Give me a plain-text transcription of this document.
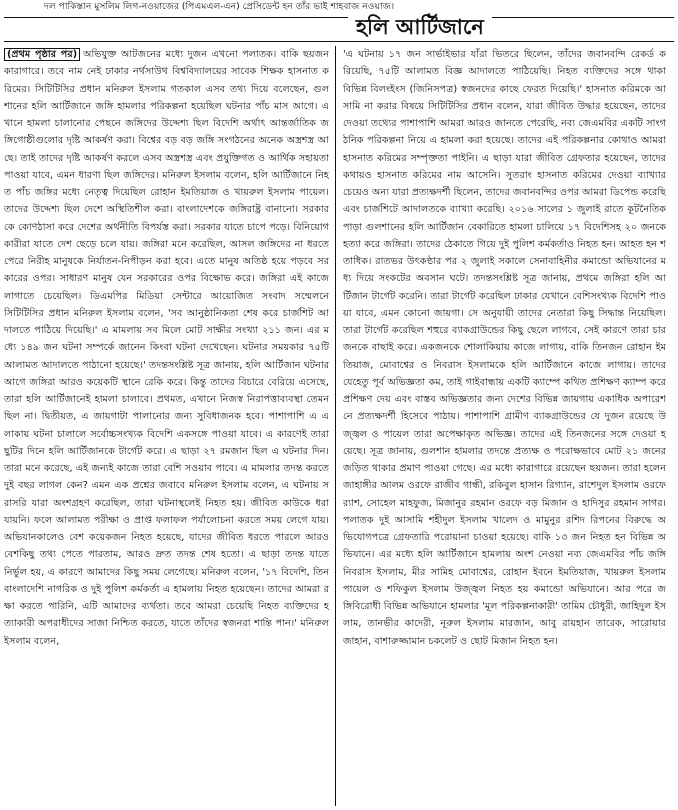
দল পাকিস্তান মুসলিম লিগ-নওয়াজের (পিএমএল-এন) প্রেসিডেন্ট হন তাঁর ভাই শাহবাজ নওয়াজ।
হলি আর্টিজানে

(প্রথম পৃষ্ঠার পর) অভিযুক্ত আটজনের মধ্যে দুজন এখনো পলাতক। বাকি ছয়জন কারাগারে। তবে নাম নেই ঢাকার নর্থসাউথ বিশ্ববিদ্যালয়ের সাবেক শিক্ষক হাসনাত করিমের। সিটিটিসির প্রধান মনিরুল ইসলাম গতকাল এসব তথ্য দিয়ে বলেছেন, গুলশানের হলি আর্টিজানে জঙ্গি হামলার পরিকল্পনা হয়েছিল ঘটনার পাঁচ মাস আগে। এখানে হামলা চালানোর পেছনে জঙ্গিদের উদ্দেশ্য ছিল বিদেশি অর্থাৎ আন্তর্জাতিক জঙ্গিগোষ্ঠীগুলোর দৃষ্টি আকর্ষণ করা। বিশ্বের বড় বড় জঙ্গি সংগঠনের অনেক অস্ত্রশস্ত্র আছে। তাই তাদের দৃষ্টি আকর্ষণ করলে এসব অস্ত্রশস্ত্র এবং প্রযুক্তিগত ও আর্থিক সহায়তা পাওয়া যাবে, এমন ধারণা ছিল জঙ্গিদের। মনিরুল ইসলাম বলেন, হলি আর্টিজানে নিহত পাঁচ জঙ্গির মধ্যে নেতৃত্ব দিয়েছিল রোহান ইমতিয়াজ ও খায়রুল ইসলাম পায়েল। তাদের উদ্দেশ্য ছিল দেশে অস্থিতিশীল করা। বাংলাদেশকে জঙ্গিরাষ্ট্র বানানো। সরকারকে কোণঠাসা করে দেশের অর্থনীতি বিপর্যস্ত করা। সরকার যাতে চাপে পড়ে। বিনিয়োগকারীরা যাতে দেশ ছেড়ে চলে যায়। জঙ্গিরা মনে করেছিল, আসল জঙ্গিদের না ধরতে পেরে নিরীহ মানুষকে নির্যাতন-নিপীড়ন করা হবে। এতে মানুষ অতিষ্ঠ হয়ে পড়বে সরকারের ওপর। সাধারণ মানুষ যেন সরকারের ওপর বিক্ষোভ করে। জঙ্গিরা এই কাজে লাগাতে চেয়েছিল। ডিএমপির মিডিয়া সেন্টারে আয়োজিত সংবাদ সম্মেলনে সিটিটিসির প্রধান মনিরুল ইসলাম বলেন, 'সব আনুষ্ঠানিকতা শেষ করে চার্জশিট আদালতে পাঠিয়ে দিয়েছি।' এ মামলায় সব মিলে মোট সাক্ষীর সংখ্যা ২১১ জন। এর মধ্যে ১৪৯ জন ঘটনা সম্পর্কে জানেন কিংবা ঘটনা দেখেছেন। ঘটনার সময়কার ৭৫টি আলামত আদালতে পাঠানো হয়েছে।' তদন্তসংশ্লিষ্ট সূত্র জানায়, হলি আর্টিজান ঘটনার আগে জঙ্গিরা আরও কয়েকটি স্থানে রেকি করে। কিন্তু তাদের বিচারে বেরিয়ে এসেছে, তারা হলি আর্টিজানেই হামলা চালাবে। প্রথমত, এখানে নিজস্ব নিরাপত্তাব্যবস্থা তেমন ছিল না। দ্বিতীয়ত, এ জায়গাটা পালানোর জন্য সুবিধাজনক হবে। পাশাপাশি এ এলাকায় ঘটনা চালালে সর্বোচ্চসংখ্যক বিদেশি একসঙ্গে পাওয়া যাবে। এ কারণেই তারা ছুটির দিনে হলি আর্টিজানকে টার্গেট করে। এ ছাড়া ২৭ রমজান ছিল এ ঘটনার দিন। তারা মনে করেছে, এই জন্যই কাজে তারা বেশি সওয়াব পাবে। এ মামলার তদন্ত করতে দুই বছর লাগল কেন? এমন এক প্রশ্নের জবাবে মনিরুল ইসলাম বলেন, এ ঘটনায় সরাসরি যারা অংশগ্রহণ করেছিল, তারা ঘটনাস্থলেই নিহত হয়। জীবিত কাউকে ধরা যায়নি। ফলে আলামত পরীক্ষা ও প্রাপ্ত ফলাফল পর্যালোচনা করতে সময় লেগে যায়। অভিযানকালেও বেশ কয়েকজন নিহত হয়েছে, যাদের জীবিত ধরতে পারলে আরও বেশকিছু তথ্য পেতে পারতাম, আরও দ্রুত তদন্ত শেষ হতো। এ ছাড়া তদন্ত যাতে নির্ভুল হয়, এ কারণে আমাদের কিছু সময় লেগেছে। মনিরুল বলেন, '১৭ বিদেশি, তিন বাংলাদেশি নাগরিক ও দুই পুলিশ কর্মকর্তা এ হামলায় নিহত হয়েছেন। তাদের আমরা রক্ষা করতে পারিনি, এটি আমাদের ব্যর্থতা। তবে আমরা চেয়েছি নিহত ব্যক্তিদের হত্যাকারী অপরাধীদের সাজা নিশ্চিত করতে, যাতে তাঁদের স্বজনরা শান্তি পান।' মনিরুল ইসলাম বলেন,

'এ ঘটনায় ১৭ জন সার্ভাইভার যাঁরা ভিতরে ছিলেন, তাঁদের জবানবন্দি রেকর্ড করিয়েছি, ৭৫টি আলামত বিজ্ঞ আদালতে পাঠিয়েছি। নিহত ব্যক্তিদের সঙ্গে থাকা বিভিন্ন বিলংইংস (জিনিসপত্র) স্বজনদের কাছে ফেরত দিয়েছি।' হাসনাত করিমকে আসামি না করার বিষয়ে সিটিটিসির প্রধান বলেন, যারা জীবিত উদ্ধার হয়েছেন, তাদের দেওয়া তথ্যের পাশাপাশি আমরা আরও জানতে পেরেছি, নব্য জেএমবির একটি সাংগঠনিক পরিকল্পনা নিয়ে এ হামলা করা হয়েছে। তাদের এই পরিকল্পনার কোথাও আমরা হাসনাত করিমের সম্পৃক্ততা পাইনি। এ ছাড়া যারা জীবিত গ্রেফতার হয়েছেন, তাদের কথায়ও হাসনাত করিমের নাম আসেনি। সুতরাং হাসনাত করিমের দেওয়া ব্যাখ্যার চেয়েও অন্য যারা প্রত্যক্ষদর্শী ছিলেন, তাদের জবানবন্দির ওপর আমরা ডিপেন্ড করেছি এবং চার্জশিটে আদালতকে ব্যাখ্যা করেছি। ২০১৬ সালের ১ জুলাই রাতে কূটনৈতিকপাড়া গুলশানের হলি আর্টিজান বেকারিতে হামলা চালিয়ে ১৭ বিদেশিসহ ২০ জনকে হত্যা করে জঙ্গিরা। তাদের ঠেকাতে গিয়ে দুই পুলিশ কর্মকর্তাও নিহত হন। আহত হন শতাধিক। রাতভর উৎকণ্ঠার পর ২ জুলাই সকালে সেনাবাহিনীর কমান্ডো অভিযানের মধ্য দিয়ে সংকটের অবসান ঘটে। তদন্তসংশ্লিষ্ট সূত্র জানায়, প্রথমে জঙ্গিরা হলি আর্টিজান টার্গেট করেনি। তারা টার্গেট করেছিল ঢাকার যেখানে বেশিসংখ্যক বিদেশি পাওয়া যাবে, এমন কোনো জায়গা। সে অনুযায়ী তাদের নেতারা কিছু সিদ্ধান্ত নিয়েছিল। তারা টার্গেট করেছিল শহুরে ব্যাকগ্রাউন্ডের কিছু ছেলে লাগবে, সেই কারণে তারা চারজনকে বাছাই করে। একজনকে শোলাকিয়ায় কাজে লাগায়, বাকি তিনজন রোহান ইমতিয়াজ, মোবাশ্বের ও নিবরাস ইসলামকে হলি আর্টিজানে কাজে লাগায়। তাদের যেহেতু পূর্ব অভিজ্ঞতা কম, তাই গাইবান্ধায় একটি ক্যাম্পে কথিত প্রশিক্ষণ ক্যাম্প করে প্রশিক্ষণ দেয় এবং বাস্তব অভিজ্ঞতার জন্য দেশের বিভিন্ন জায়গায় একাধিক অপারেশনে প্রত্যক্ষদর্শী হিসেবে পাঠায়। পাশাপাশি গ্রামীণ ব্যাকগ্রাউন্ডের যে দুজন রয়েছে উজ্জ্বল ও পায়েল তারা অপেক্ষাকৃত অভিজ্ঞ। তাদের এই তিনজনের সঙ্গে দেওয়া হয়েছে। সূত্র জানায়, গুলশান হামলার তদন্তে প্রত্যক্ষ ও পরোক্ষভাবে মোট ২১ জনের জড়িত থাকার প্রমাণ পাওয়া গেছে। এর মধ্যে কারাগারে রয়েছেন ছয়জন। তারা হলেন জাহাঙ্গীর আলম ওরফে রাজীব গান্ধী, রকিবুল হাসান রিগ্যান, রাশেদুল ইসলাম ওরফে র‌্যাশ, সোহেল মাহফুজ, মিজানুর রহমান ওরফে বড় মিজান ও হাদিসুর রহমান সাগর। পলাতক দুই আসামি শহীদুল ইসলাম খালেদ ও মামুনুর রশিদ রিপনের বিরুদ্ধে অভিযোগপত্রে গ্রেফতারি পরোয়ানা চাওয়া হয়েছে। বাকি ১৩ জন নিহত হন বিভিন্ন অভিযানে। এর মধ্যে হলি আর্টিজানে হামলায় অংশ নেওয়া নব্য জেএমবির পাঁচ জঙ্গি নিবরাস ইসলাম, মীর সামিহ মোবাশ্বের, রোহান ইবনে ইমতিয়াজ, খায়রুল ইসলাম পায়েল ও শফিকুল ইসলাম উজ্জ্বল নিহত হয় কমান্ডো অভিযানে। আর পরে জঙ্গিবিরোধী বিভিন্ন অভিযানে হামলার 'মূল পরিকল্পনাকারী' তামিম চৌধুরী, জাহিদুল ইসলাম, তানভীর কাদেরী, নূরুল ইসলাম মারজান, আবু রায়হান তারেক, সারোয়ার জাহান, বাশারুজ্জামান চকলেট ও ছোট মিজান নিহত হন।
